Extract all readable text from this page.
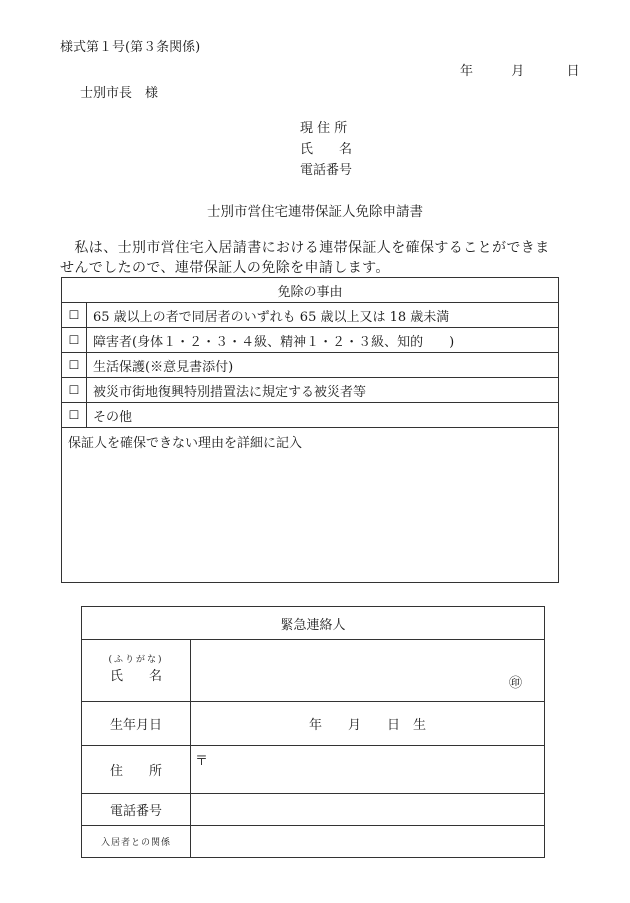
様式第１号(第３条関係)
年	月	日
士別市長　様
現 住 所
氏　　名
電話番号
士別市営住宅連帯保証人免除申請書
　私は、士別市営住宅入居請書における連帯保証人を確保することができませんでしたので、連帯保証人の免除を申請します。
免除の事由	
☐	65 歳以上の者で同居者のいずれも 65 歳以上又は 18 歳未満
☐	障害者(身体１・２・３・４級、精神１・２・３級、知的　　)
☐	生活保護(※意見書添付)
☐	被災市街地復興特別措置法に規定する被災者等
☐	その他
保証人を確保できない理由を詳細に記入	
緊急連絡人	

(ふりがな)
氏　　名	㊞

生年月日	年　　月　　日　生
住　　所	〒

電話番号	
入居者との関係	
